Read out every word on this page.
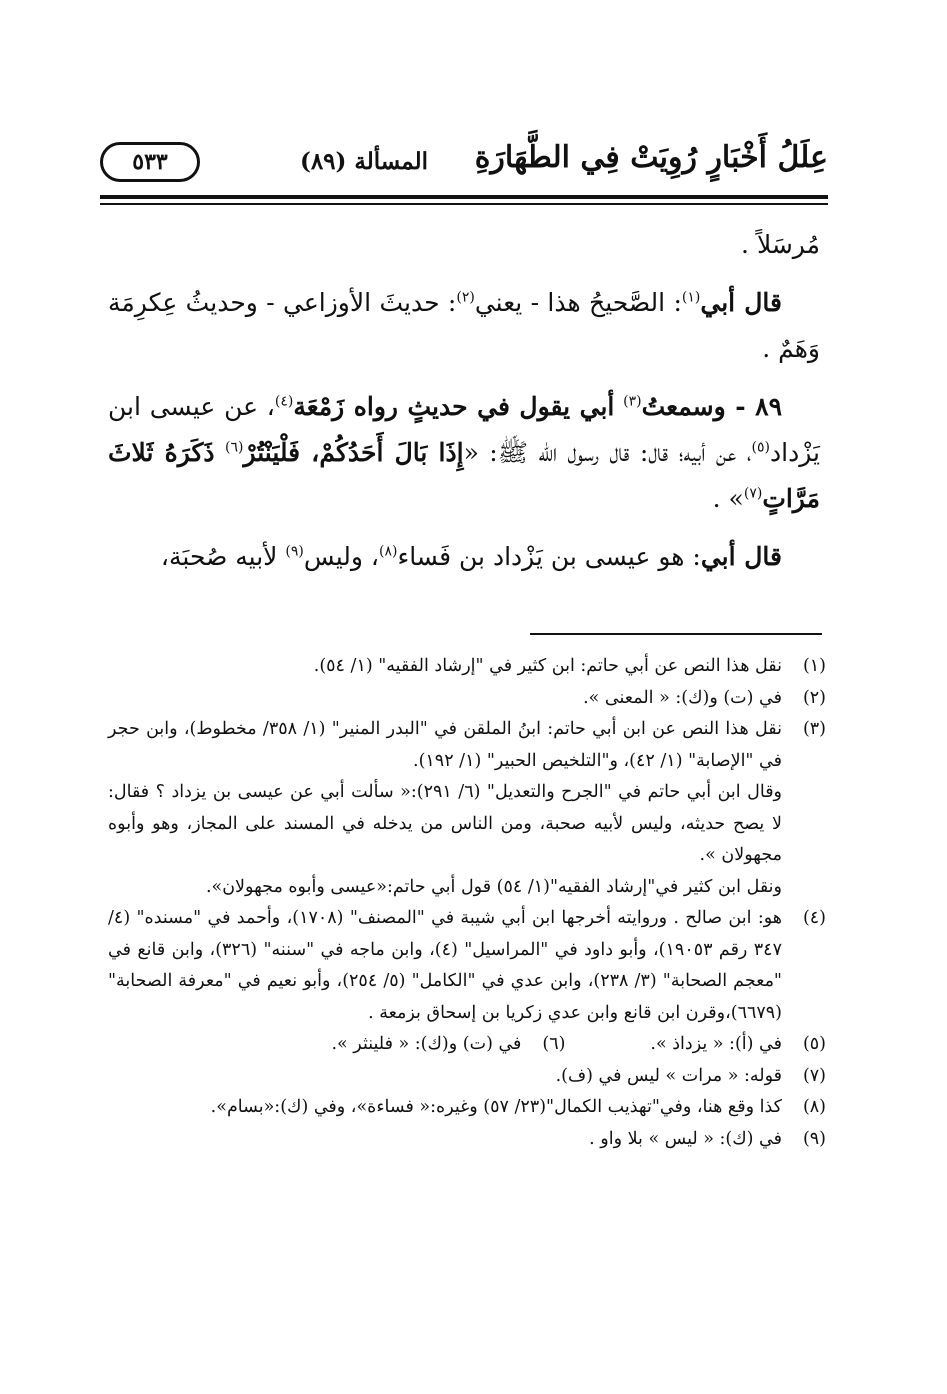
عِلَلُ أَخْبَارٍ رُوِيَتْ فِي الطَّهَارَةِ
المسألة (٨٩)
٥٣٣

مُرسَلاً .

قال أبي$^{(١)}$: الصَّحيحُ هذا - يعني$^{(٢)}$: حديثَ الأوزاعي - وحديثُ عِكرِمَة وَهَمٌ .

٨٩ - وسمعتُ$^{(٣)}$ أبي يقول في حديثٍ رواه زَمْعَة$^{(٤)}$، عن عيسى ابن يَزْداد$^{(٥)}$، عن أبيه؛ قال: قال رسول الله ﷺ: «إِذَا بَالَ أَحَدُكُمْ، فَلْيَنْتُرْ$^{(٦)}$ ذَكَرَهُ ثَلاثَ مَرَّاتٍ$^{(٧)}$» .

قال أبي: هو عيسى بن يَزْداد بن فَساء$^{(٨)}$، وليس$^{(٩)}$ لأبيه صُحبَة،

(١)
نقل هذا النص عن أبي حاتم: ابن كثير في "إرشاد الفقيه" (١/ ٥٤).
(٢)
في (ت) و(ك): « المعنى ».
(٣)
نقل هذا النص عن ابن أبي حاتم: ابنُ الملقن في "البدر المنير" (١/ ٣٥٨/ مخطوط)، وابن حجر في "الإصابة" (١/ ٤٢)، و"التلخيص الحبير" (١/ ١٩٢).
وقال ابن أبي حاتم في "الجرح والتعديل" (٦/ ٢٩١):« سألت أبي عن عيسى بن يزداد ؟ فقال: لا يصح حديثه، وليس لأبيه صحبة، ومن الناس من يدخله في المسند على المجاز، وهو وأبوه مجهولان ».
ونقل ابن كثير في"إرشاد الفقيه"(١/ ٥٤) قول أبي حاتم:«عيسى وأبوه مجهولان».
(٤)
هو: ابن صالح . وروايته أخرجها ابن أبي شيبة في "المصنف" (١٧٠٨)، وأحمد في "مسنده" (٤/ ٣٤٧ رقم ١٩٠٥٣)، وأبو داود في "المراسيل" (٤)، وابن ماجه في "سننه" (٣٢٦)، وابن قانع في "معجم الصحابة" (٣/ ٢٣٨)، وابن عدي في "الكامل" (٥/ ٢٥٤)، وأبو نعيم في "معرفة الصحابة" (٦٦٧٩)،وقرن ابن قانع وابن عدي زكريا بن إسحاق بزمعة .
(٥)
في (أ): « يزداذ ».
(٦)
في (ت) و(ك): « فلينثر ».
(٧)
قوله: « مرات » ليس في (ف).
(٨)
كذا وقع هنا، وفي"تهذيب الكمال"(٢٣/ ٥٧) وغيره:« فساءة»، وفي (ك):«بسام».
(٩)
في (ك): « ليس » بلا واو .
